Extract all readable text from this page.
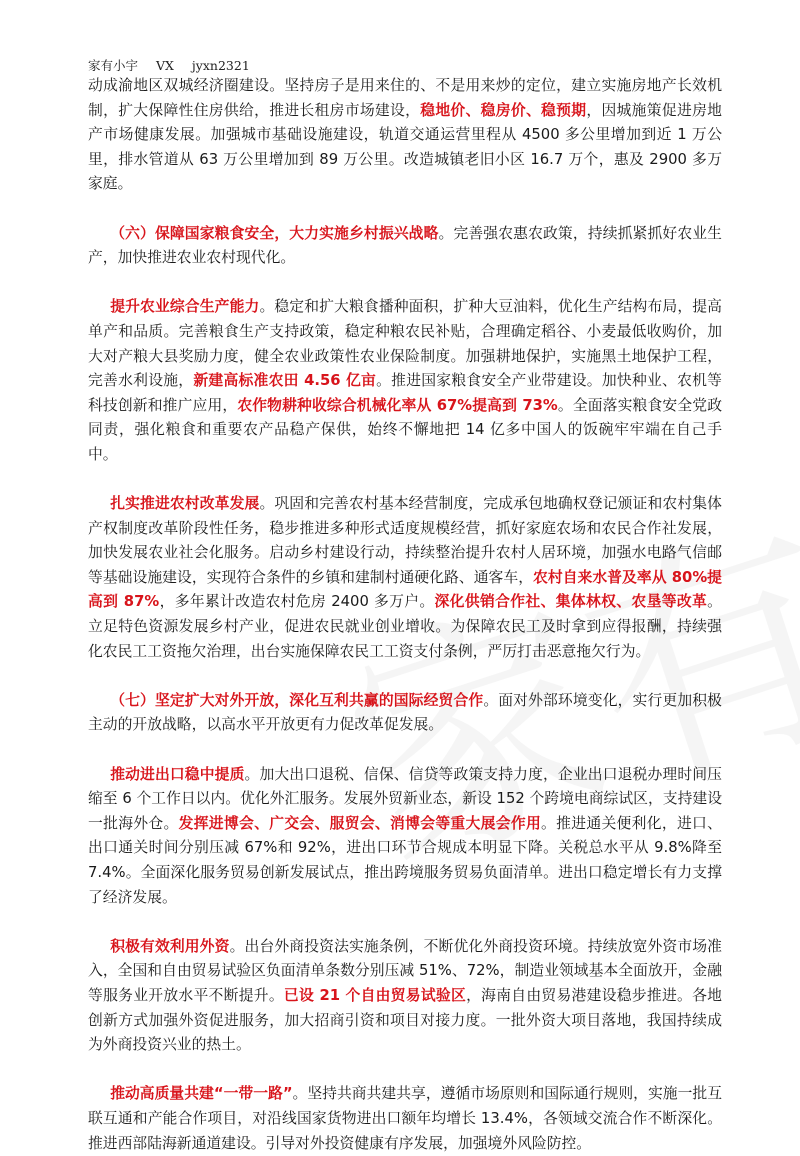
家有小宇 VX jyxn2321

动成渝地区双城经济圈建设。坚持房子是用来住的、不是用来炒的定位，建立实施房地产长效机制，扩大保障性住房供给，推进长租房市场建设，稳地价、稳房价、稳预期，因城施策促进房地产市场健康发展。加强城市基础设施建设，轨道交通运营里程从 4500 多公里增加到近 1 万公里，排水管道从 63 万公里增加到 89 万公里。改造城镇老旧小区 16.7 万个，惠及 2900 多万家庭。

（六）保障国家粮食安全，大力实施乡村振兴战略。完善强农惠农政策，持续抓紧抓好农业生产，加快推进农业农村现代化。

提升农业综合生产能力。稳定和扩大粮食播种面积，扩种大豆油料，优化生产结构布局，提高单产和品质。完善粮食生产支持政策，稳定种粮农民补贴，合理确定稻谷、小麦最低收购价，加大对产粮大县奖励力度，健全农业政策性农业保险制度。加强耕地保护，实施黑土地保护工程，完善水利设施，新建高标准农田 4.56 亿亩。推进国家粮食安全产业带建设。加快种业、农机等科技创新和推广应用，农作物耕种收综合机械化率从 67%提高到 73%。全面落实粮食安全党政同责，强化粮食和重要农产品稳产保供，始终不懈地把 14 亿多中国人的饭碗牢牢端在自己手中。

扎实推进农村改革发展。巩固和完善农村基本经营制度，完成承包地确权登记颁证和农村集体产权制度改革阶段性任务，稳步推进多种形式适度规模经营，抓好家庭农场和农民合作社发展，加快发展农业社会化服务。启动乡村建设行动，持续整治提升农村人居环境，加强水电路气信邮等基础设施建设，实现符合条件的乡镇和建制村通硬化路、通客车，农村自来水普及率从 80%提高到 87%，多年累计改造农村危房 2400 多万户。深化供销合作社、集体林权、农垦等改革。立足特色资源发展乡村产业，促进农民就业创业增收。为保障农民工及时拿到应得报酬，持续强化农民工工资拖欠治理，出台实施保障农民工工资支付条例，严厉打击恶意拖欠行为。

（七）坚定扩大对外开放，深化互利共赢的国际经贸合作。面对外部环境变化，实行更加积极主动的开放战略，以高水平开放更有力促改革促发展。

推动进出口稳中提质。加大出口退税、信保、信贷等政策支持力度，企业出口退税办理时间压缩至 6 个工作日以内。优化外汇服务。发展外贸新业态，新设 152 个跨境电商综试区，支持建设一批海外仓。发挥进博会、广交会、服贸会、消博会等重大展会作用。推进通关便利化，进口、出口通关时间分别压减 67%和 92%，进出口环节合规成本明显下降。关税总水平从 9.8%降至 7.4%。全面深化服务贸易创新发展试点，推出跨境服务贸易负面清单。进出口稳定增长有力支撑了经济发展。

积极有效利用外资。出台外商投资法实施条例，不断优化外商投资环境。持续放宽外资市场准入，全国和自由贸易试验区负面清单条数分别压减 51%、72%，制造业领域基本全面放开，金融等服务业开放水平不断提升。已设 21 个自由贸易试验区，海南自由贸易港建设稳步推进。各地创新方式加强外资促进服务，加大招商引资和项目对接力度。一批外资大项目落地，我国持续成为外商投资兴业的热土。

推动高质量共建“一带一路”。坚持共商共建共享，遵循市场原则和国际通行规则，实施一批互联互通和产能合作项目，对沿线国家货物进出口额年均增长 13.4%，各领域交流合作不断深化。推进西部陆海新通道建设。引导对外投资健康有序发展，加强境外风险防控。
